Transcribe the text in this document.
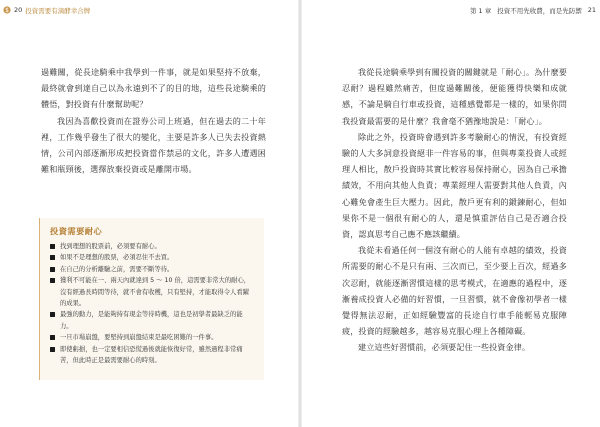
$ 20 投資需要有滴酵幸合牌

過難關，從長途騎乘中我學到一件事，就是如果堅持不放棄，最終就會到達自己以為永遠到不了的目的地，這些長途騎乘的體悟，對投資有什麼幫助呢？

我因為喜歡投資而在證券公司上班過，但在過去的二十年裡，工作幾乎發生了很大的變化，主要是許多人已失去投資熱情，公司內部逐漸形成把投資當作禁忌的文化，許多人遭遇困難和瓶頸後，選擇放棄投資或是離開市場。

投資需要耐心
找到理想的股票前，必須要有耐心。
如果不是理想的股票，必須忍住不去買。
在自己的分析離驗之前，需要不斷等待。
獲利不可能在一、兩天內就達到 5 ～ 10 倍，這需要非常大的耐心，沒有經過長時間等待，就不會有收穫，只有堅持，才能取得令人看躍的成果。
最強的動力，是能夠持有現金等待時機，這也是初學者最缺乏的能力。
一旦市場崩盤，要堅持到崩盤結束是最吃困難的一件事。
即使虧損，也一定要相信恐慌過後就能恢復好常，雖然過程非常痛苦，但此時正是最需要耐心的時刻。
第 1 章 投資不用先收費，而是先防禦 21

我從長途騎乘學到有關投資的關鍵就是「耐心」。為什麼要忍耐？過程雖然痛苦，但度過難關後，便能獲得快樂和成就感，不論是騎自行車或投資，這種感覺都是一樣的，如果你問我投資最需要的是什麼？我會毫不猶豫地說是：「耐心」。

除此之外，投資時會遇到許多考驗耐心的情況，有投資經驗的人大多詞意投資絕非一件容易的事，但與專業投資人或經理人相比，散戶投資時其實比較容易保持耐心，因為自己承擔績效，不用向其他人負責；專業經理人需要對其他人負責，內心難免會產生巨大壓力。因此，散戶更有利的鍛鍊耐心，但如果你不是一個很有耐心的人，還是慎重評估自己是否適合投資，認真思考自己應不應該繼續。

我從未看過任何一個沒有耐心的人能有卓越的績效，投資所需要的耐心不是只有兩、三次而已，至少要上百次，經過多次忍耐，就能逐漸習慣這樣的思考模式，在適應的過程中，逐漸養成投資人必備的好習慣，一旦習慣，就不會像初學者一樣覺得無法忍耐，正如經驗豐富的長途自行車手能輕易克服陣疲，投資的經驗越多，越容易克服心理上各種障礙。

建立這些好習慣前，必須要記住一些投資金律。
